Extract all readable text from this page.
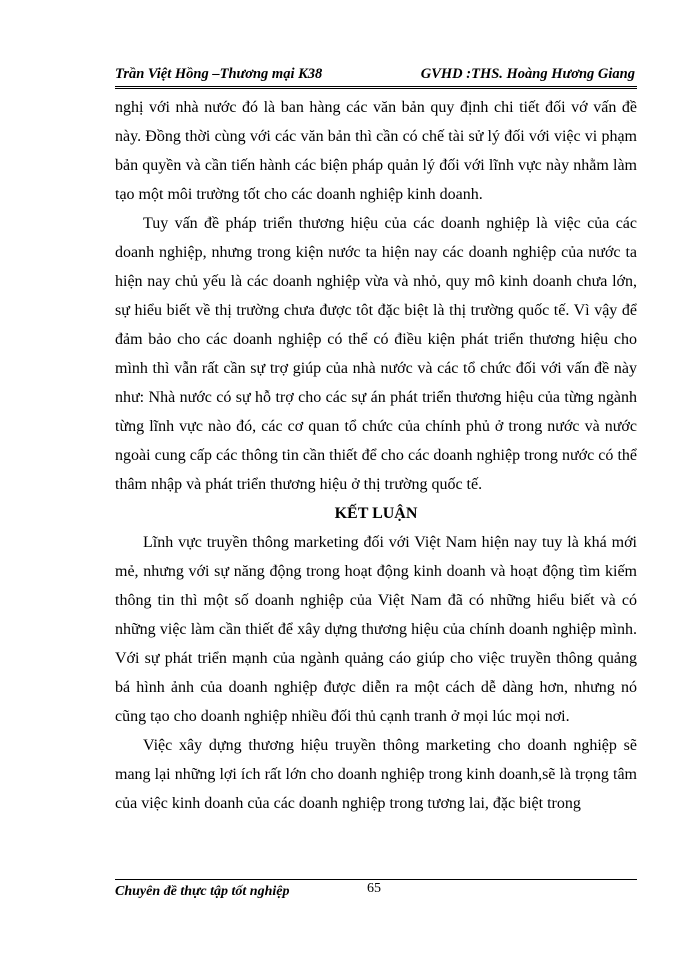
Trần Việt Hồng –Thương mại K38	GVHD :THS. Hoàng Hương Giang

nghị với nhà nước đó là ban hàng các văn bản quy định chi tiết đối vớ vấn đề này. Đồng thời cùng với các văn bản thì cần có chế tài sử lý đối với việc vi phạm bản quyền và cần tiến hành các biện pháp quản lý đối với lĩnh vực này nhằm làm tạo một môi trường tốt cho các doanh nghiệp kinh doanh.

Tuy vấn đề pháp triển thương hiệu của các doanh nghiệp là việc của các doanh nghiệp, nhưng trong kiện nước ta hiện nay các doanh nghiệp của nước ta hiện nay chủ yếu là các doanh nghiệp vừa và nhỏ, quy mô kinh doanh chưa lớn, sự hiểu biết về thị trường chưa được tôt đặc biệt là thị trường quốc tế. Vì vậy để đảm bảo cho các doanh nghiệp có thể có điều kiện phát triển thương hiệu cho mình thì vẫn rất cần sự trợ giúp của nhà nước và các tổ chức đối với vấn đề này như: Nhà nước có sự hỗ trợ cho các sự án phát triển thương hiệu của từng ngành từng lĩnh vực nào đó, các cơ quan tổ chức của chính phủ ở trong nước và nước ngoài cung cấp các thông tin cần thiết để cho các doanh nghiệp trong nước có thể thâm nhập và phát triển thương hiệu ở thị trường quốc tế.

KẾT LUẬN

Lĩnh vực truyền thông marketing đối với Việt Nam hiện nay tuy là khá mới mẻ, nhưng với sự năng động trong hoạt động kinh doanh và hoạt động tìm kiếm thông tin thì một số doanh nghiệp của Việt Nam đã có những hiểu biết và có những việc làm cần thiết để xây dựng thương hiệu của chính doanh nghiệp mình. Với sự phát triển mạnh của ngành quảng cáo giúp cho việc truyền thông quảng bá hình ảnh của doanh nghiệp được diễn ra một cách dễ dàng hơn, nhưng nó cũng tạo cho doanh nghiệp nhiều đối thủ cạnh tranh ở mọi lúc mọi nơi.

Việc xây dựng thương hiệu truyền thông marketing cho doanh nghiệp sẽ mang lại những lợi ích rất lớn cho doanh nghiệp trong kinh doanh,sẽ là trọng tâm của việc kinh doanh của các doanh nghiệp trong tương lai, đặc biệt trong

Chuyên đề thực tập tốt nghiệp	65
